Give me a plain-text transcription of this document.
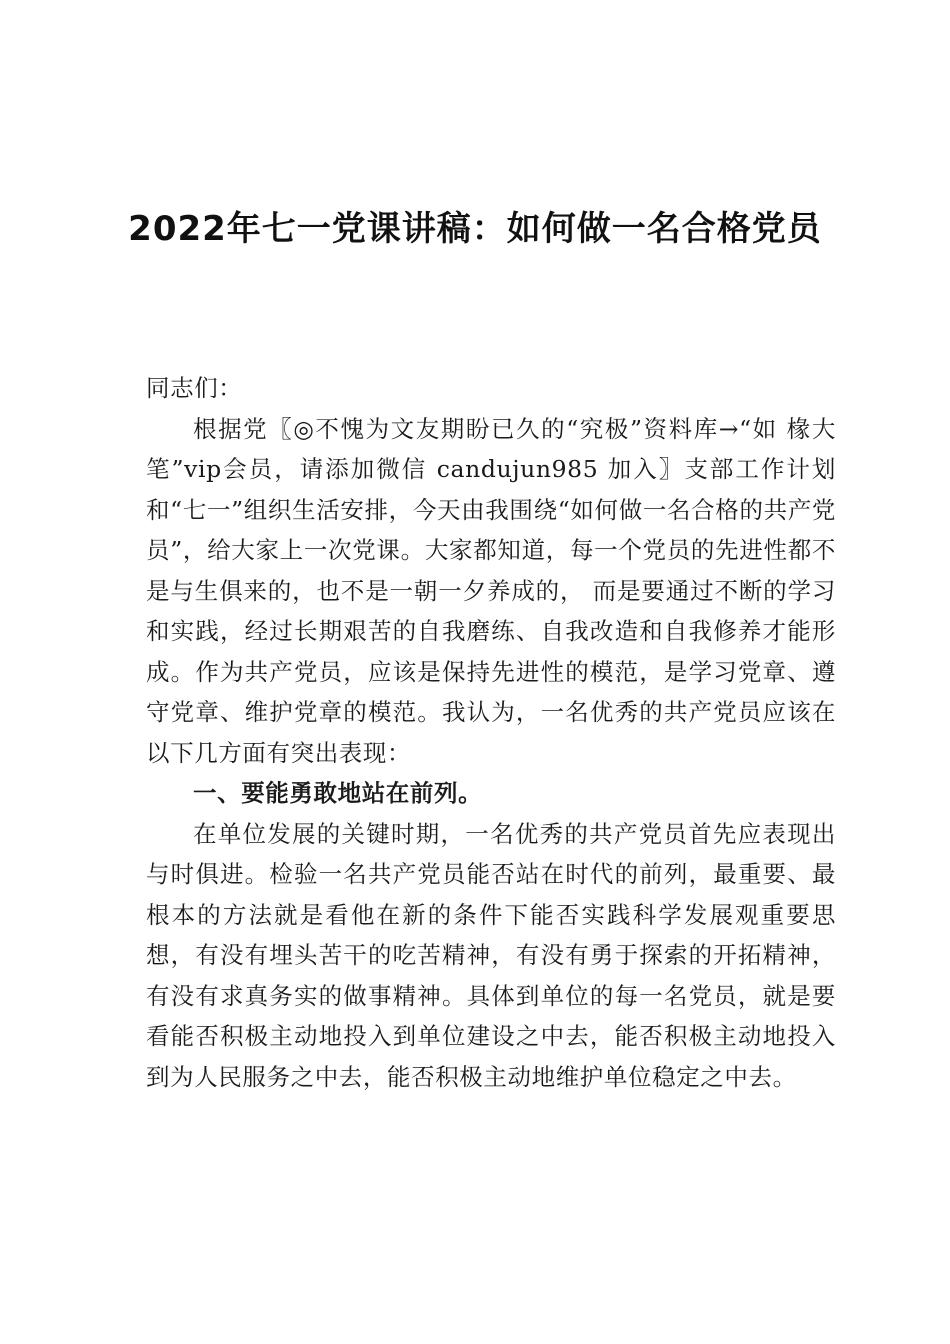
2022年七一党课讲稿：如何做一名合格党员

同志们：

根据党〖◎不愧为文友期盼已久的“究极”资料库→“如 椽大笔”vip会员，请添加微信 candujun985 加入〗支部工作计划和“七一”组织生活安排，今天由我围绕“如何做一名合格的共产党员”，给大家上一次党课。大家都知道，每一个党员的先进性都不是与生俱来的，也不是一朝一夕养成的， 而是要通过不断的学习和实践，经过长期艰苦的自我磨练、自我改造和自我修养才能形成。作为共产党员，应该是保持先进性的模范，是学习党章、遵守党章、维护党章的模范。我认为，一名优秀的共产党员应该在以下几方面有突出表现：

一、要能勇敢地站在前列。

在单位发展的关键时期，一名优秀的共产党员首先应表现出与时俱进。检验一名共产党员能否站在时代的前列，最重要、最根本的方法就是看他在新的条件下能否实践科学发展观重要思想，有没有埋头苦干的吃苦精神，有没有勇于探索的开拓精神，有没有求真务实的做事精神。具体到单位的每一名党员，就是要看能否积极主动地投入到单位建设之中去，能否积极主动地投入到为人民服务之中去，能否积极主动地维护单位稳定之中去。
